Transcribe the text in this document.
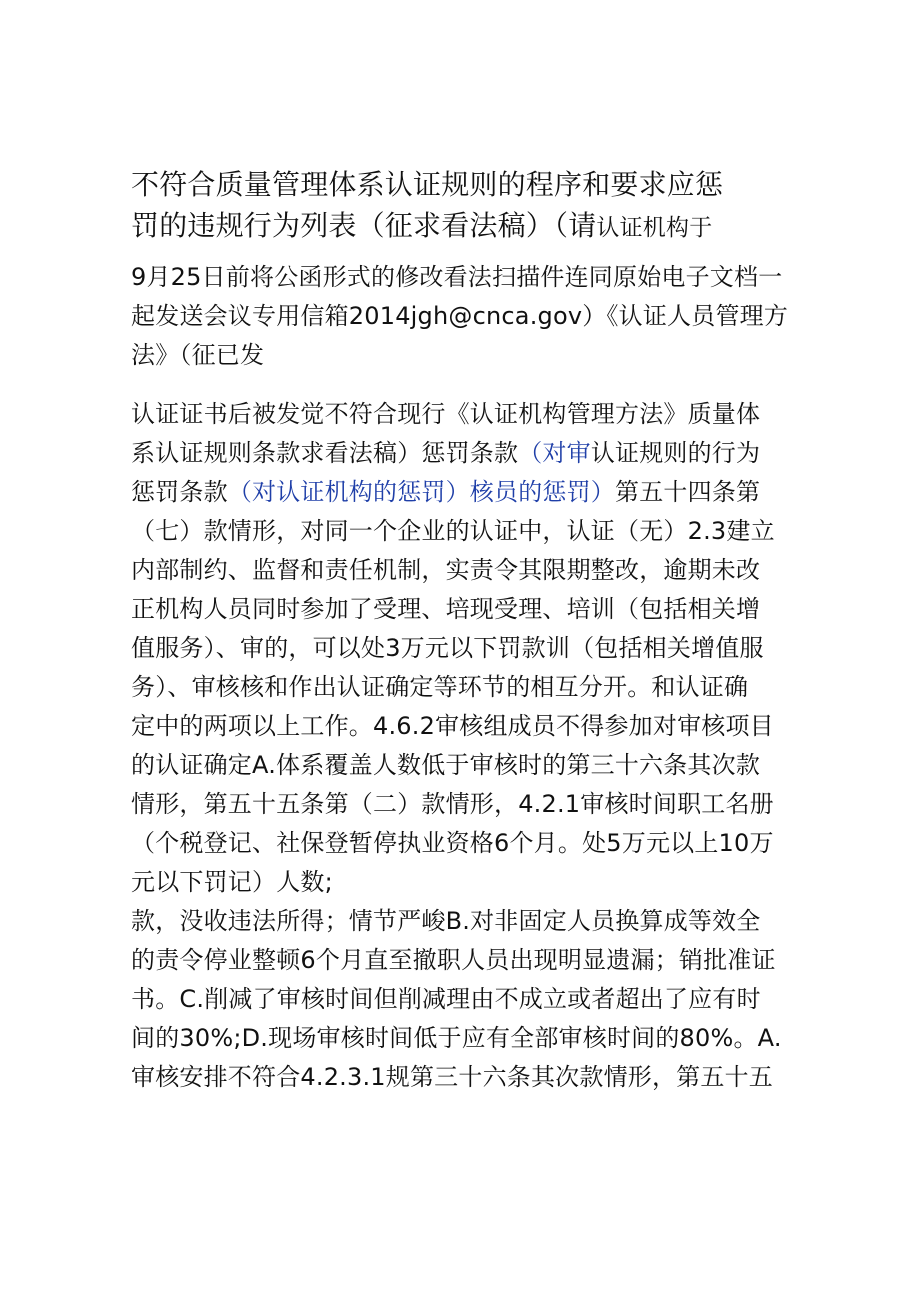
不符合质量管理体系认证规则的程序和要求应惩
罚的违规行为列表（征求看法稿）（请认证机构于
9月25日前将公函形式的修改看法扫描件连同原始电子文档一
起发送会议专用信箱2014jgh@cnca.gov）《认证人员管理方
法》（征已发
认证证书后被发觉不符合现行《认证机构管理方法》质量体
系认证规则条款求看法稿）惩罚条款（对审认证规则的行为
惩罚条款（对认证机构的惩罚）核员的惩罚）第五十四条第
（七）款情形，对同一个企业的认证中，认证（无）2.3建立
内部制约、监督和责任机制，实责令其限期整改，逾期未改
正机构人员同时参加了受理、培现受理、培训（包括相关增
值服务）、审的，可以处3万元以下罚款训（包括相关增值服
务）、审核核和作出认证确定等环节的相互分开。和认证确
定中的两项以上工作。4.6.2审核组成员不得参加对审核项目
的认证确定A.体系覆盖人数低于审核时的第三十六条其次款
情形，第五十五条第（二）款情形，4.2.1审核时间职工名册
（个税登记、社保登暂停执业资格6个月。处5万元以上10万
元以下罚记）人数;
款，没收违法所得；情节严峻B.对非固定人员换算成等效全
的责令停业整顿6个月直至撤职人员出现明显遗漏；销批准证
书。C.削减了审核时间但削减理由不成立或者超出了应有时
间的30%;D.现场审核时间低于应有全部审核时间的80%。A.
审核安排不符合4.2.3.1规第三十六条其次款情形，第五十五
